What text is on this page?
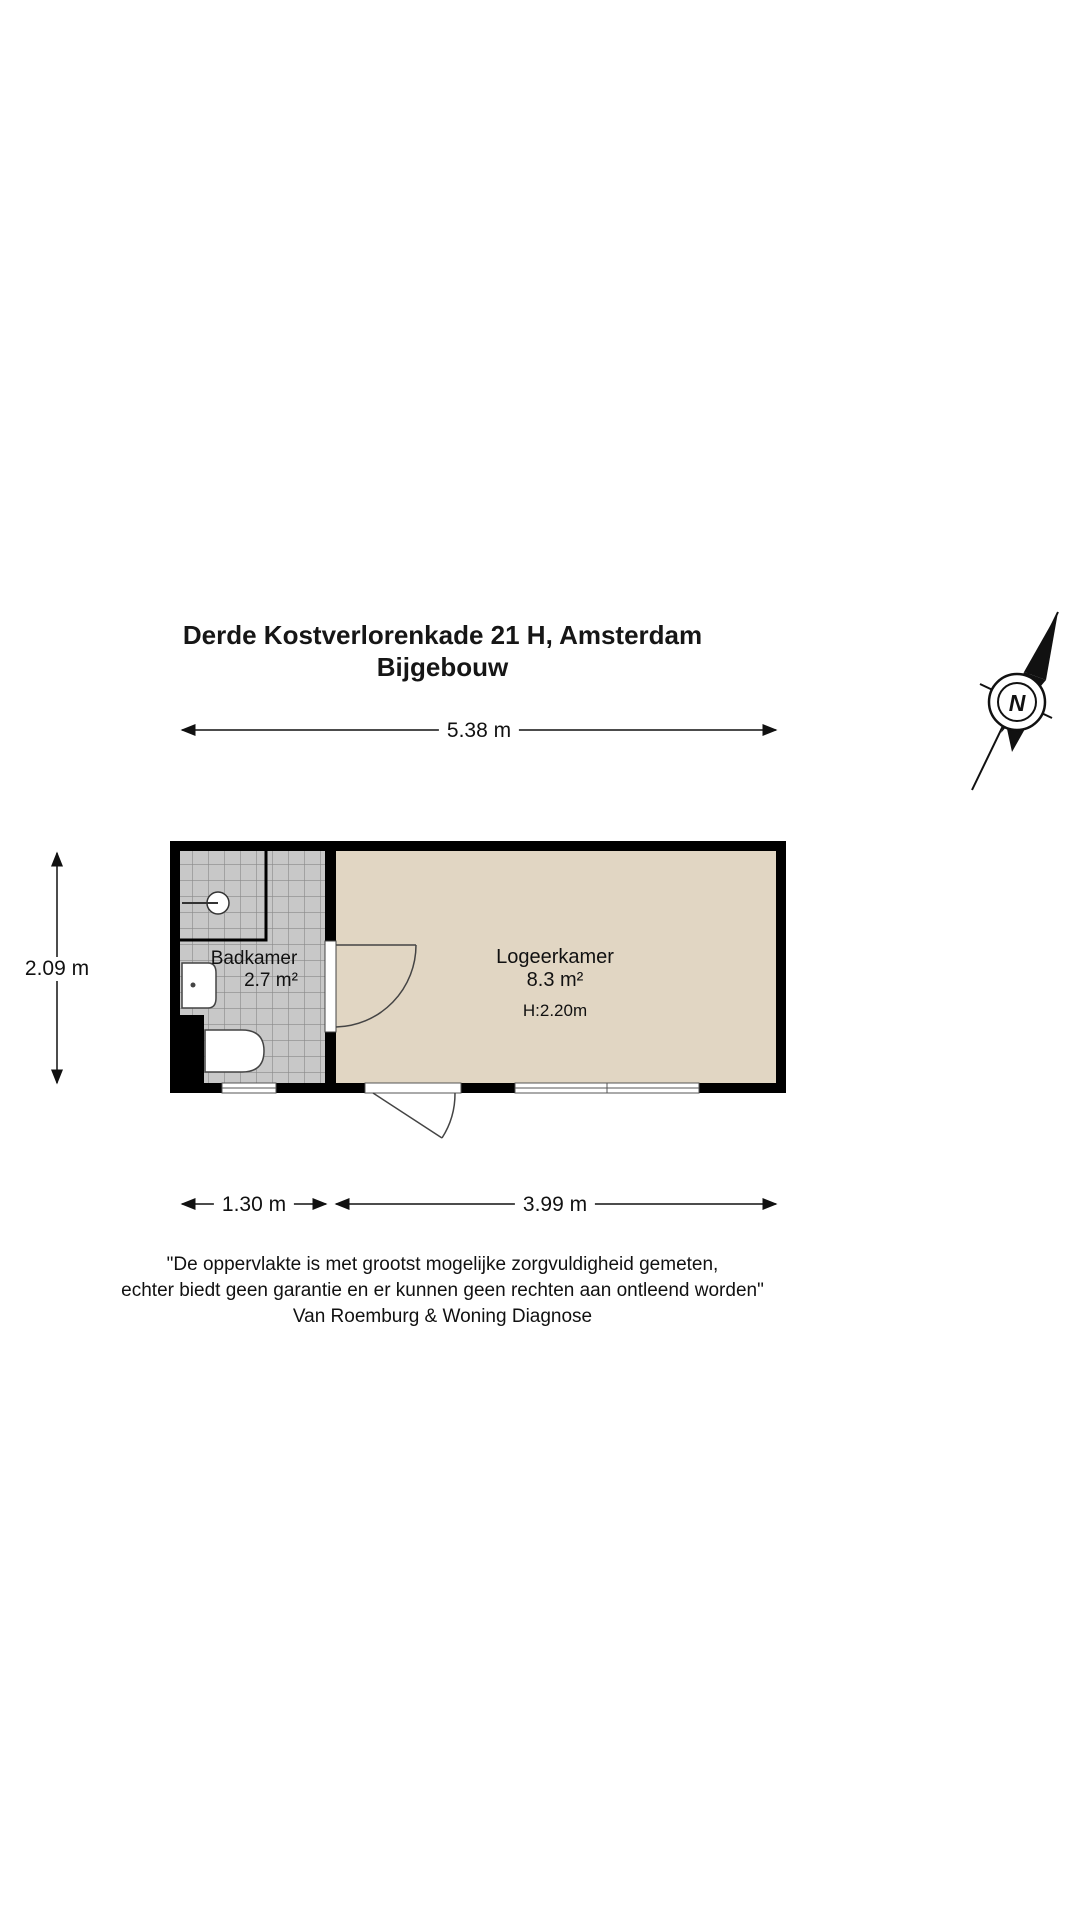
Derde Kostverlorenkade 21 H, Amsterdam
Bijgebouw
Badkamer
2.7 m²
Logeerkamer
8.3 m²
H:2.20m
N
5.38 m
2.09 m
1.30 m	3.99 m
"De oppervlakte is met grootst mogelijke zorgvuldigheid gemeten,
echter biedt geen garantie en er kunnen geen rechten aan ontleend worden"
Van Roemburg & Woning Diagnose
